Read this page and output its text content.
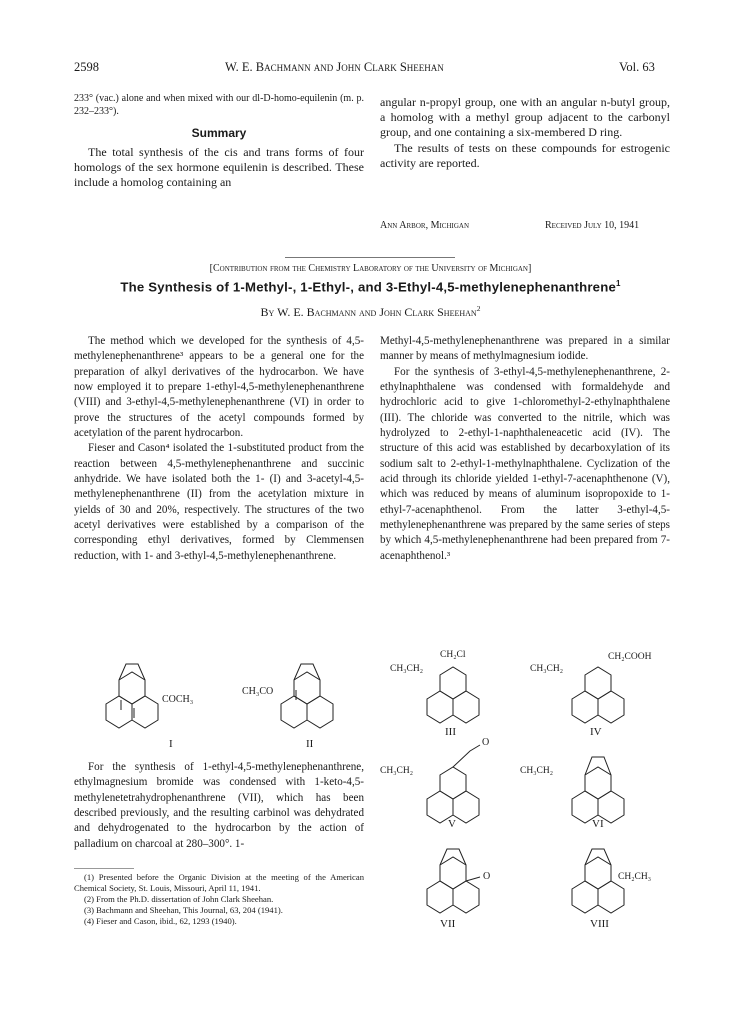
2598	W. E. Bachmann and John Clark Sheehan	Vol. 63

233° (vac.) alone and when mixed with our dl-D-homo-equilenin (m. p. 232–233°).

Summary

The total synthesis of the cis and trans forms of four homologs of the sex hormone equilenin is described. These include a homolog containing an

angular n-propyl group, one with an angular n-butyl group, a homolog with a methyl group adjacent to the carbonyl group, and one containing a six-membered D ring.

The results of tests on these compounds for estrogenic activity are reported.

Ann Arbor, Michigan	Received July 10, 1941
[Contribution from the Chemistry Laboratory of the University of Michigan]
The Synthesis of 1-Methyl-, 1-Ethyl-, and 3-Ethyl-4,5-methylenephenanthrene$^1$
By W. E. Bachmann and John Clark Sheehan$^2$

The method which we developed for the synthesis of 4,5-methylenephenanthrene³ appears to be a general one for the preparation of alkyl derivatives of the hydrocarbon. We have now employed it to prepare 1-ethyl-4,5-methylenephenanthrene (VIII) and 3-ethyl-4,5-methylenephenanthrene (VI) in order to prove the structures of the acetyl compounds formed by acetylation of the parent hydrocarbon.

Fieser and Cason⁴ isolated the 1-substituted product from the reaction between 4,5-methylenephenanthrene and succinic anhydride. We have isolated both the 1- (I) and 3-acetyl-4,5-methylenephenanthrene (II) from the acetylation mixture in yields of 30 and 20%, respectively. The structures of the two acetyl derivatives were established by a comparison of the corresponding ethyl derivatives, formed by Clemmensen reduction, with 1- and 3-ethyl-4,5-methylenephenanthrene.

COCH₃
I
CH₃CO
II

For the synthesis of 1-ethyl-4,5-methylenephenanthrene, ethylmagnesium bromide was condensed with 1-keto-4,5-methylenetetrahydrophenanthrene (VII), which has been described previously, and the resulting carbinol was dehydrated and dehydrogenated to the hydrocarbon by the action of palladium on charcoal at 280–300°. 1-

(1) Presented before the Organic Division at the meeting of the American Chemical Society, St. Louis, Missouri, April 11, 1941.

(2) From the Ph.D. dissertation of John Clark Sheehan.

(3) Bachmann and Sheehan, This Journal, 63, 204 (1941).

(4) Fieser and Cason, ibid., 62, 1293 (1940).

Methyl-4,5-methylenephenanthrene was prepared in a similar manner by means of methylmagnesium iodide.

For the synthesis of 3-ethyl-4,5-methylenephenanthrene, 2-ethylnaphthalene was condensed with formaldehyde and hydrochloric acid to give 1-chloromethyl-2-ethylnaphthalene (III). The chloride was converted to the nitrile, which was hydrolyzed to 2-ethyl-1-naphthaleneacetic acid (IV). The structure of this acid was established by decarboxylation of its sodium salt to 2-ethyl-1-methylnaphthalene. Cyclization of the acid through its chloride yielded 1-ethyl-7-acenaphthenone (V), which was reduced by means of aluminum isopropoxide to 1-ethyl-7-acenaphthenol. From the latter 3-ethyl-4,5-methylenephenanthrene was prepared by the same series of steps by which 4,5-methylenephenanthrene had been prepared from 7-acenaphthenol.³

CH₂Cl
CH₃CH₂
III
CH₂COOH
CH₃CH₂
IV
O
CH₃CH₂
V
CH₃CH₂
VI
O
VII
CH₂CH₃
VIII
